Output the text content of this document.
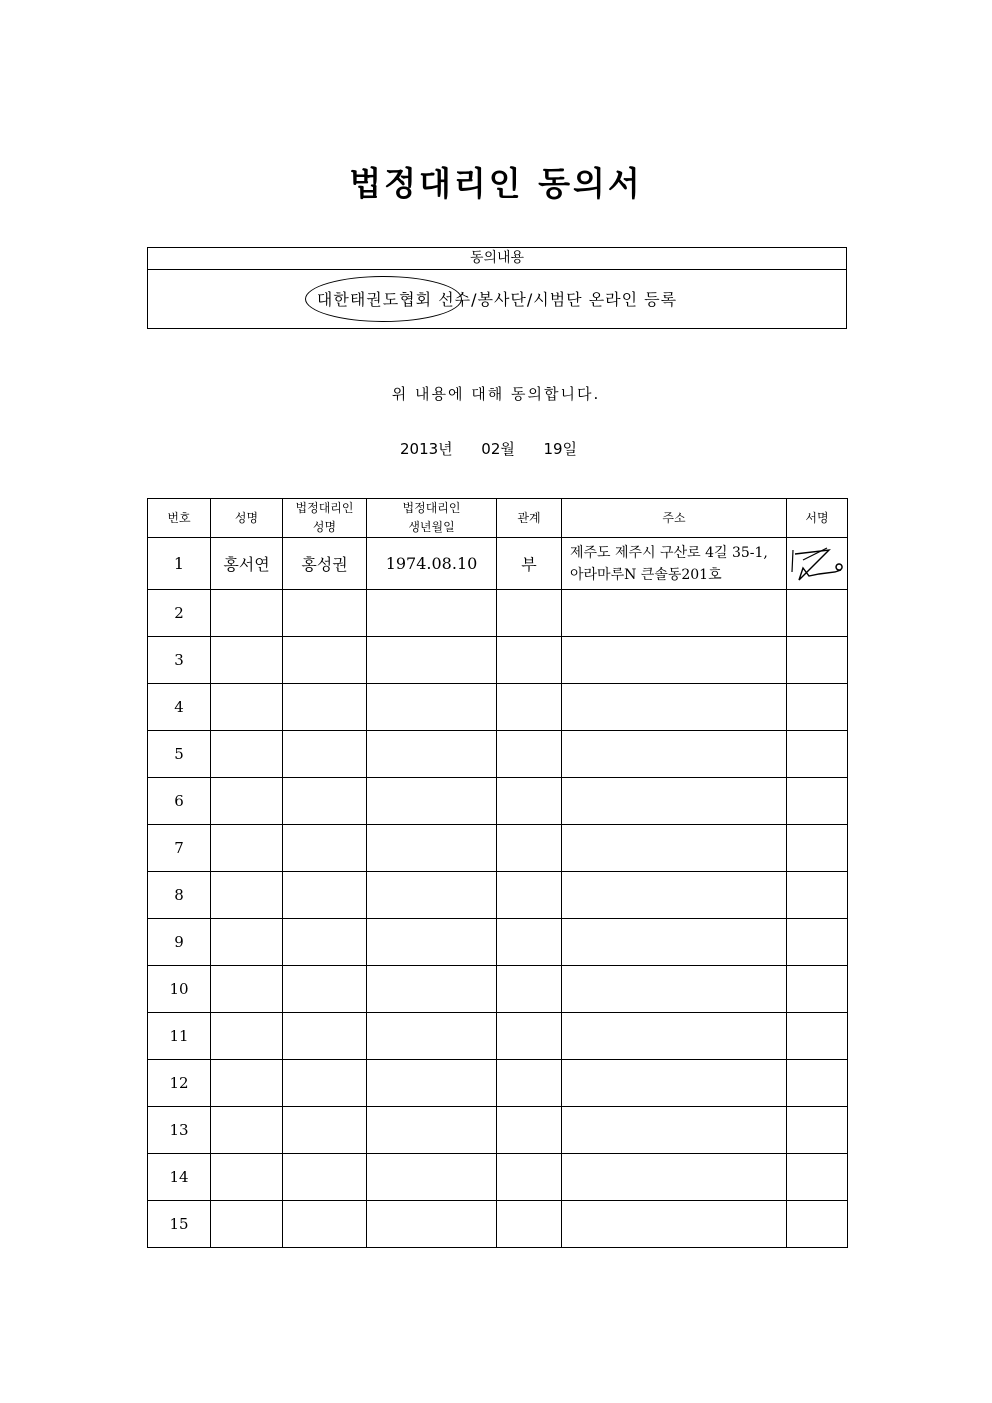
법정대리인 동의서
동의내용
대한태권도협회 선수/봉사단/시범단 온라인 등록
위 내용에 대해 동의합니다.
2013년 02월 19일
번호	성명	법정대리인 성명	법정대리인 생년월일	관계	주소	서명
1	홍서연	홍성권	1974.08.10	부	제주도 제주시 구산로 4길 35-1, 아라마루N 큰솔동201호	

2						
3						
4						
5						
6						
7						
8						
9						
10						
11						
12						
13						
14						
15						
